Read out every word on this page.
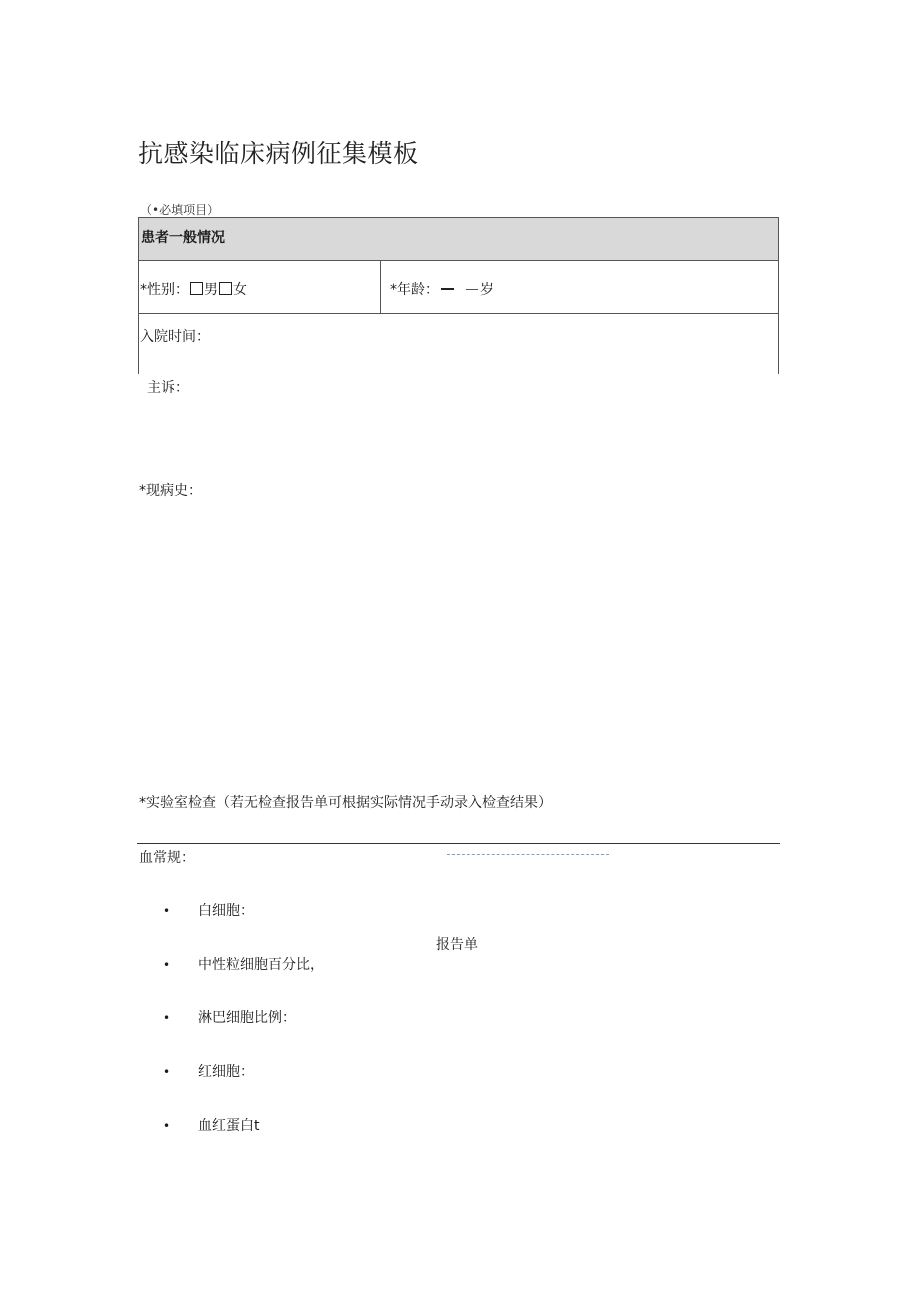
抗感染临床病例征集模板
（•必填项目）
患者一般情况
*性别： 男 女	*年龄：	岁
入院时间：
主诉：
*现病史：
*实验室检查（若无检查报告单可根据实际情况手动录入检查结果）
血常规：
报告单
• 白细胞：
• 中性粒细胞百分比，
• 淋巴细胞比例：
• 红细胞：
• 血红蛋白t
